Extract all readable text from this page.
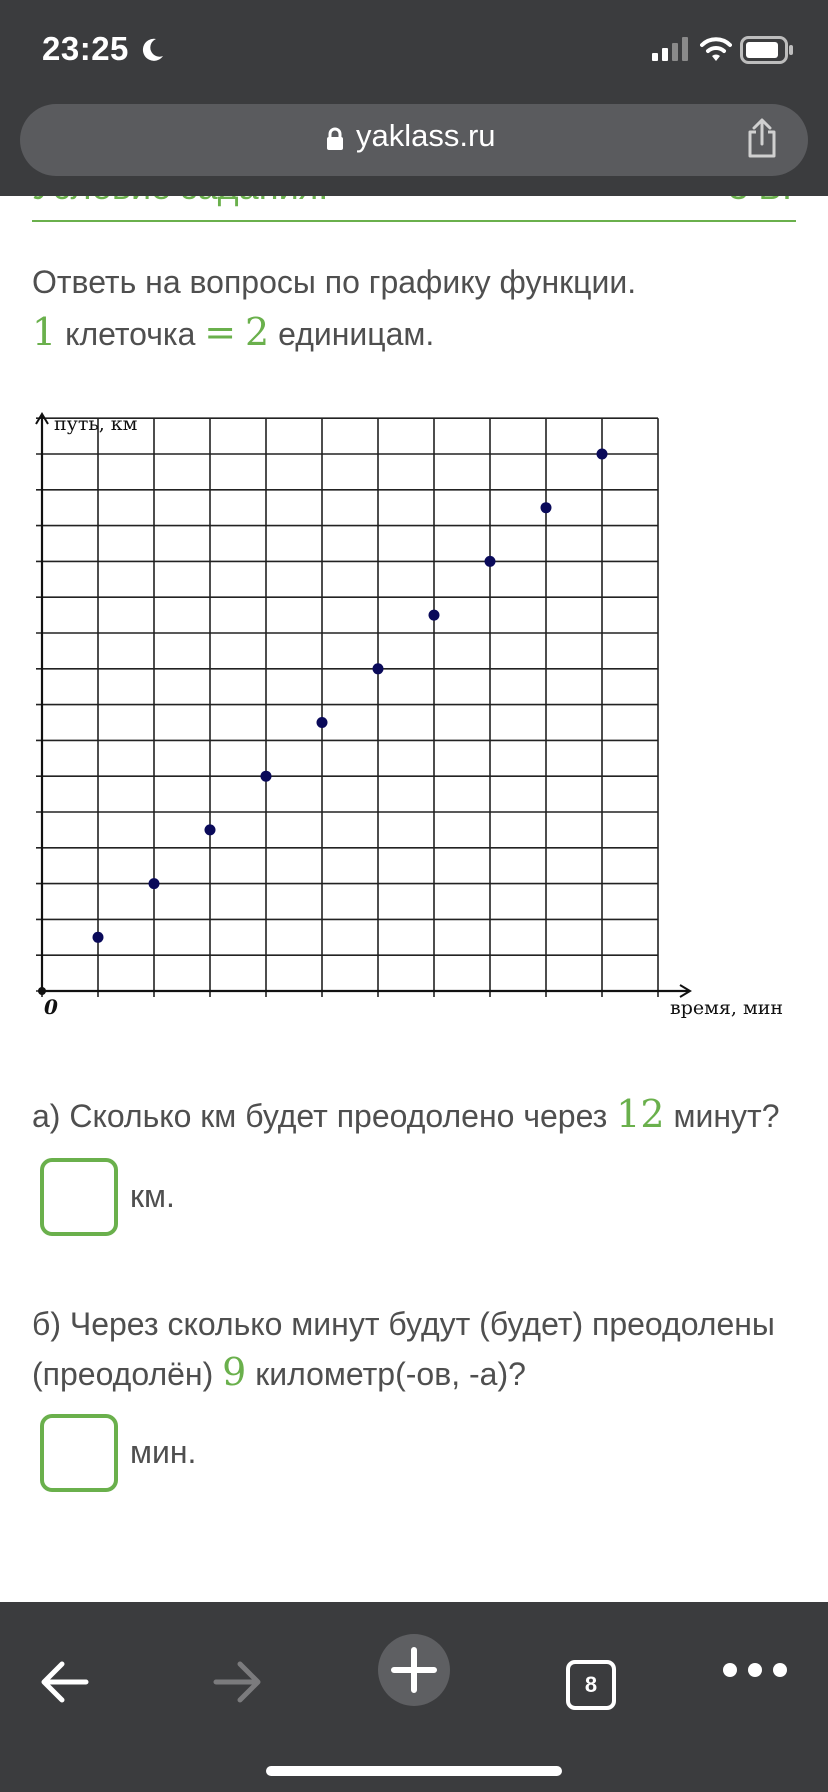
Ответь на вопросы по графику функции.
1 клеточка = 2 единицам.
путь, км
время, мин
0
а) Сколько км будет преодолено через 12 минут?
км.
б) Через сколько минут будут (будет) преодолены
(преодолён) 9 километр(-ов, -а)?
мин.
23:25
yaklass.ru
8
